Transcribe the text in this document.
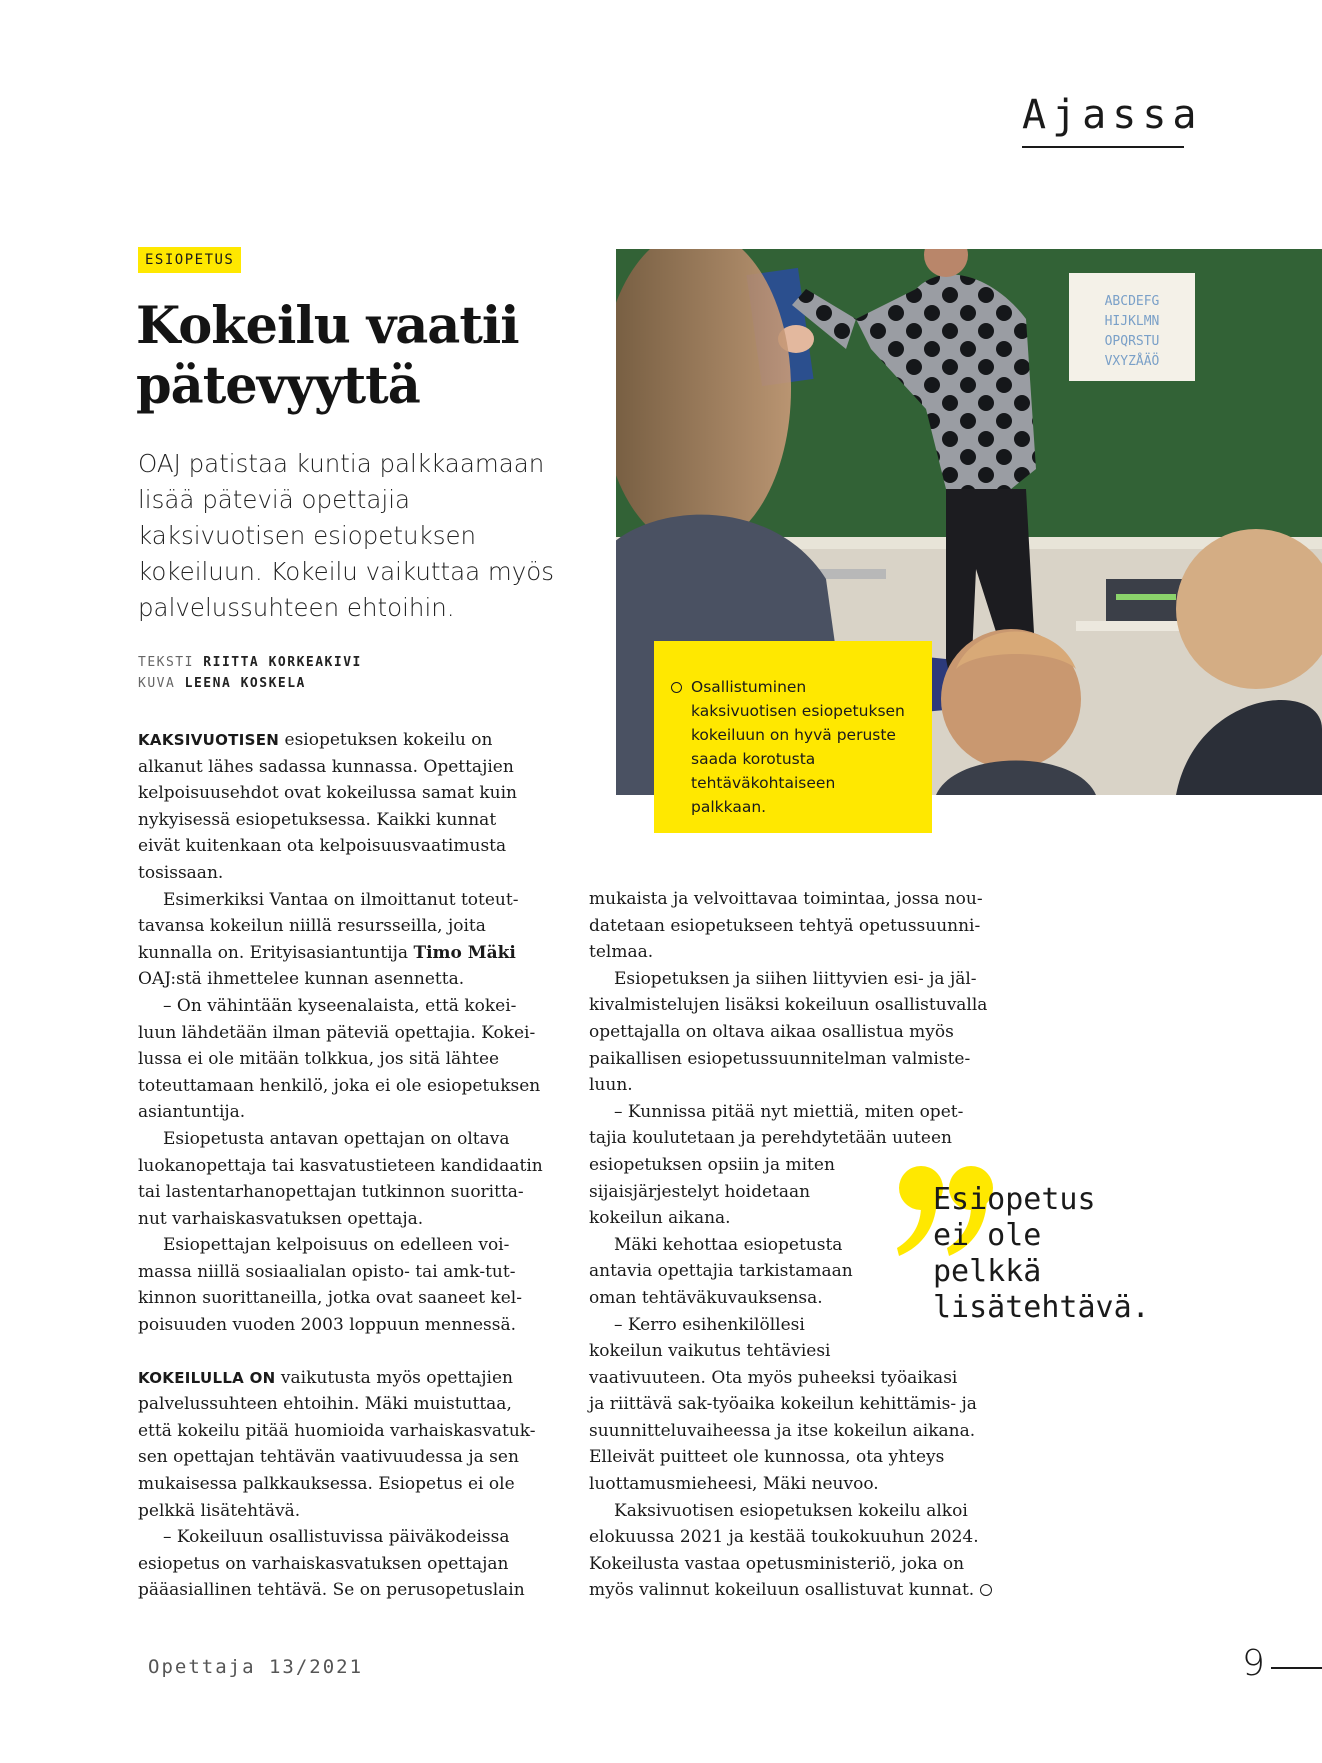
Ajassa
ESIOPETUS
Kokeilu vaatii
pätevyyttä

OAJ patistaa kuntia palkkaamaan lisää päteviä opettajia kaksivuotisen esiopetuksen kokeiluun. Kokeilu vaikuttaa myös palvelussuhteen ehtoihin.

TEKSTI RIITTA KORKEAKIVI
KUVA LEENA KOSKELA
ABCDEFG
HIJKLMN
OPQRSTU
VXYZÅÄÖ
Osallistuminen kaksivuotisen esiopetuksen kokeiluun on hyvä peruste saada korotusta tehtäväkohtaiseen palkkaan.

KAKSIVUOTISEN esiopetuksen kokeilu on
alkanut lähes sadassa kunnassa. Opettajien
kelpoisuusehdot ovat kokeilussa samat kuin
nykyisessä esiopetuksessa. Kaikki kunnat
eivät kuitenkaan ota kelpoisuusvaatimusta
tosissaan.

Esimerkiksi Vantaa on ilmoittanut toteut-
tavansa kokeilun niillä resursseilla, joita
kunnalla on. Erityisasiantuntija Timo Mäki
OAJ:stä ihmettelee kunnan asennetta.

– On vähintään kyseenalaista, että kokei-
luun lähdetään ilman päteviä opettajia. Kokei-
lussa ei ole mitään tolkkua, jos sitä lähtee
toteuttamaan henkilö, joka ei ole esiopetuksen
asiantuntija.

Esiopetusta antavan opettajan on oltava
luokanopettaja tai kasvatustieteen kandidaatin
tai lastentarhanopettajan tutkinnon suoritta-
nut varhaiskasvatuksen opettaja.

Esiopettajan kelpoisuus on edelleen voi-
massa niillä sosiaalialan opisto- tai amk-tut-
kinnon suorittaneilla, jotka ovat saaneet kel-
poisuuden vuoden 2003 loppuun mennessä.

KOKEILULLA ON vaikutusta myös opettajien
palvelussuhteen ehtoihin. Mäki muistuttaa,
että kokeilu pitää huomioida varhaiskasvatuk-
sen opettajan tehtävän vaativuudessa ja sen
mukaisessa palkkauksessa. Esiopetus ei ole
pelkkä lisätehtävä.

– Kokeiluun osallistuvissa päiväkodeissa
esiopetus on varhaiskasvatuksen opettajan
pääasiallinen tehtävä. Se on perusopetuslain

mukaista ja velvoittavaa toimintaa, jossa nou-
datetaan esiopetukseen tehtyä opetussuunni-
telmaa.

Esiopetuksen ja siihen liittyvien esi- ja jäl-
kivalmistelujen lisäksi kokeiluun osallistuvalla
opettajalla on oltava aikaa osallistua myös
paikallisen esiopetussuunnitelman valmiste-
luun.

– Kunnissa pitää nyt miettiä, miten opet-
tajia koulutetaan ja perehdytetään uuteen
esiopetuksen opsiin ja miten
sijaisjärjestelyt hoidetaan
kokeilun aikana.

Mäki kehottaa esiopetusta
antavia opettajia tarkistamaan
oman tehtäväkuvauksensa.

– Kerro esihenkilöllesi
kokeilun vaikutus tehtäviesi
vaativuuteen. Ota myös puheeksi työaikasi
ja riittävä sak-työaika kokeilun kehittämis- ja
suunnitteluvaiheessa ja itse kokeilun aikana.
Elleivät puitteet ole kunnossa, ota yhteys
luottamusmieheesi, Mäki neuvoo.

Kaksivuotisen esiopetuksen kokeilu alkoi
elokuussa 2021 ja kestää toukokuuhun 2024.
Kokeilusta vastaa opetusministeriö, joka on
myös valinnut kokeiluun osallistuvat kunnat.

Esiopetus
ei ole
pelkkä
lisätehtävä.
Opettaja 13/2021	9
